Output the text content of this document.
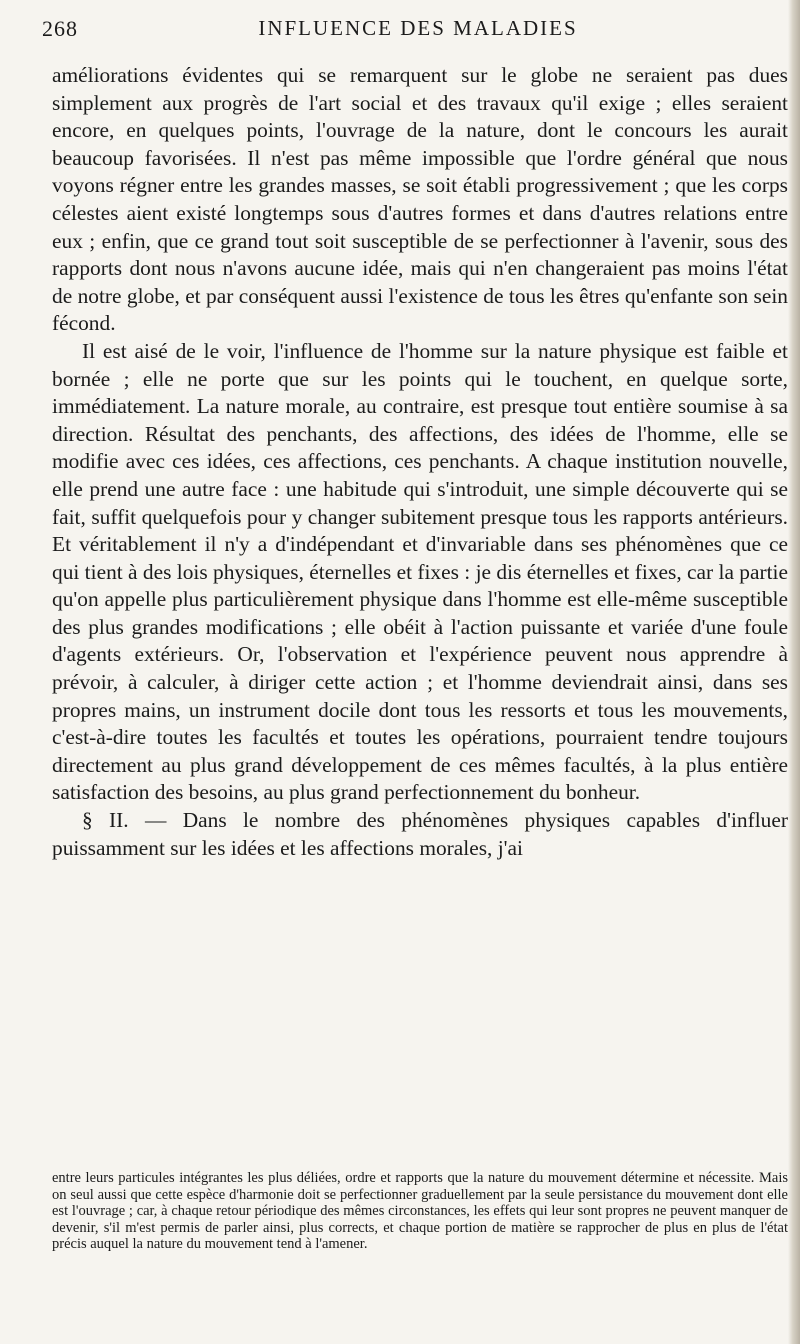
268	INFLUENCE DES MALADIES

améliorations évidentes qui se remarquent sur le globe ne seraient pas dues simplement aux progrès de l'art social et des travaux qu'il exige ; elles seraient encore, en quelques points, l'ouvrage de la nature, dont le concours les aurait beaucoup favorisées. Il n'est pas même impossible que l'ordre général que nous voyons régner entre les grandes masses, se soit établi progressivement ; que les corps célestes aient existé longtemps sous d'autres formes et dans d'autres relations entre eux ; enfin, que ce grand tout soit susceptible de se perfectionner à l'avenir, sous des rapports dont nous n'avons aucune idée, mais qui n'en changeraient pas moins l'état de notre globe, et par conséquent aussi l'existence de tous les êtres qu'enfante son sein fécond.

Il est aisé de le voir, l'influence de l'homme sur la nature physique est faible et bornée ; elle ne porte que sur les points qui le touchent, en quelque sorte, immédiatement. La nature morale, au contraire, est presque tout entière soumise à sa direction. Résultat des penchants, des affections, des idées de l'homme, elle se modifie avec ces idées, ces affections, ces penchants. A chaque institution nouvelle, elle prend une autre face : une habitude qui s'introduit, une simple découverte qui se fait, suffit quelquefois pour y changer subitement presque tous les rapports antérieurs. Et véritablement il n'y a d'indépendant et d'invariable dans ses phénomènes que ce qui tient à des lois physiques, éternelles et fixes : je dis éternelles et fixes, car la partie qu'on appelle plus particulièrement physique dans l'homme est elle-même susceptible des plus grandes modifications ; elle obéit à l'action puissante et variée d'une foule d'agents extérieurs. Or, l'observation et l'expérience peuvent nous apprendre à prévoir, à calculer, à diriger cette action ; et l'homme deviendrait ainsi, dans ses propres mains, un instrument docile dont tous les ressorts et tous les mouvements, c'est-à-dire toutes les facultés et toutes les opérations, pourraient tendre toujours directement au plus grand développement de ces mêmes facultés, à la plus entière satisfaction des besoins, au plus grand perfectionnement du bonheur.

§ II. — Dans le nombre des phénomènes physiques capables d'influer puissamment sur les idées et les affections morales, j'ai

entre leurs particules intégrantes les plus déliées, ordre et rapports que la nature du mouvement détermine et nécessite. Mais on seul aussi que cette espèce d'harmonie doit se perfectionner graduellement par la seule persistance du mouvement dont elle est l'ouvrage ; car, à chaque retour périodique des mêmes circonstances, les effets qui leur sont propres ne peuvent manquer de devenir, s'il m'est permis de parler ainsi, plus corrects, et chaque portion de matière se rapprocher de plus en plus de l'état précis auquel la nature du mouvement tend à l'amener.
